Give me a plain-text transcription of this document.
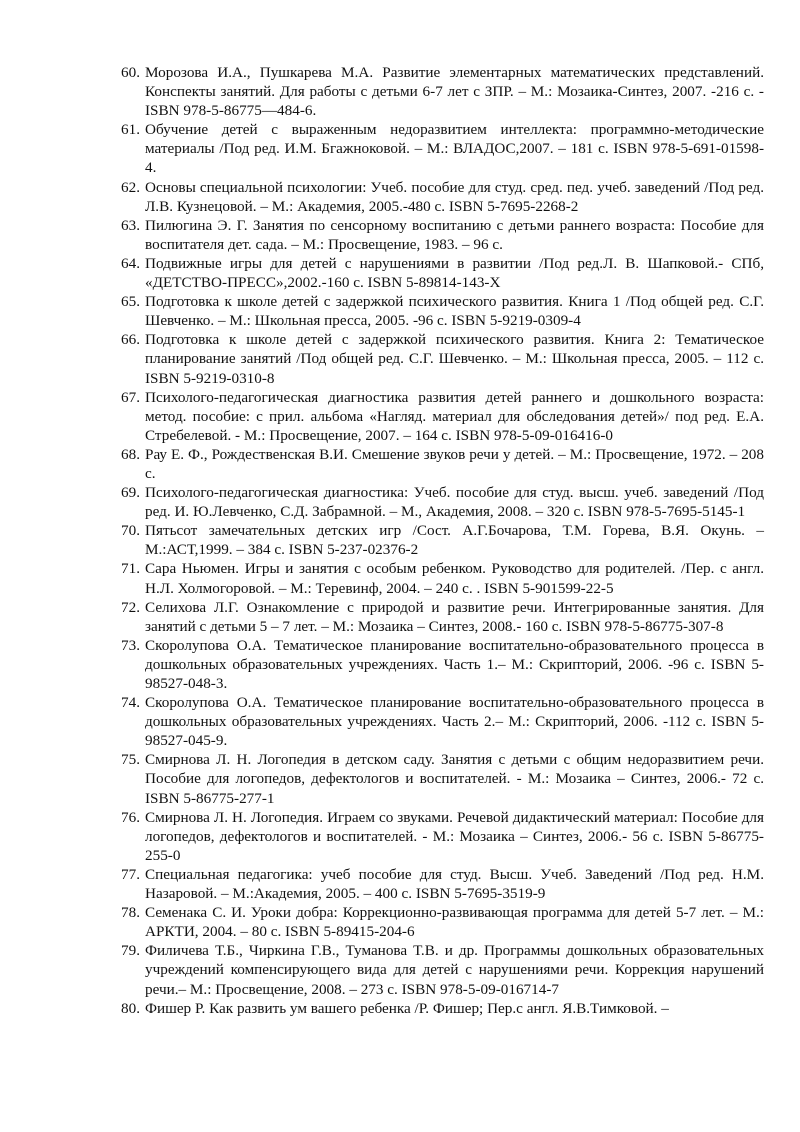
60. Морозова И.А., Пушкарева М.А. Развитие элементарных математических представлений. Конспекты занятий. Для работы с детьми 6-7 лет с ЗПР. – М.: Мозаика-Синтез, 2007. -216 с. - ISBN 978-5-86775—484-6.
61. Обучение детей с выраженным недоразвитием интеллекта: программно-методические материалы /Под ред. И.М. Бгажноковой. – М.: ВЛАДОС,2007. – 181 с. ISBN 978-5-691-01598-4.
62. Основы специальной психологии: Учеб. пособие для студ. сред. пед. учеб. заведений /Под ред. Л.В. Кузнецовой. – М.: Академия, 2005.-480 с. ISBN 5-7695-2268-2
63. Пилюгина Э. Г. Занятия по сенсорному воспитанию с детьми раннего возраста: Пособие для воспитателя дет. сада. – М.: Просвещение, 1983. – 96 с.
64. Подвижные игры для детей с нарушениями в развитии /Под ред.Л. В. Шапковой.- СПб, «ДЕТСТВО-ПРЕСС»,2002.-160 с. ISBN 5-89814-143-X
65. Подготовка к школе детей с задержкой психического развития. Книга 1 /Под общей ред. С.Г. Шевченко. – М.: Школьная пресса, 2005. -96 с. ISBN 5-9219-0309-4
66. Подготовка к школе детей с задержкой психического развития. Книга 2: Тематическое планирование занятий /Под общей ред. С.Г. Шевченко. – М.: Школьная пресса, 2005. – 112 с. ISBN 5-9219-0310-8
67. Психолого-педагогическая диагностика развития детей раннего и дошкольного возраста: метод. пособие: с прил. альбома «Нагляд. материал для обследования детей»/ под ред. Е.А. Стребелевой. - М.: Просвещение, 2007. – 164 с. ISBN 978-5-09-016416-0
68. Рау Е. Ф., Рождественская В.И. Смешение звуков речи у детей. – М.: Просвещение, 1972. – 208 с.
69. Психолого-педагогическая диагностика: Учеб. пособие для студ. высш. учеб. заведений /Под ред. И. Ю.Левченко, С.Д. Забрамной. – М., Академия, 2008. – 320 с. ISBN 978-5-7695-5145-1
70. Пятьсот замечательных детских игр /Сост. А.Г.Бочарова, Т.М. Горева, В.Я. Окунь. – М.:АСТ,1999. – 384 с. ISBN 5-237-02376-2
71. Сара Ньюмен. Игры и занятия с особым ребенком. Руководство для родителей. /Пер. с англ. Н.Л. Холмогоровой. – М.: Теревинф, 2004. – 240 с. . ISBN 5-901599-22-5
72. Селихова Л.Г. Ознакомление с природой и развитие речи. Интегрированные занятия. Для занятий с детьми 5 – 7 лет. – М.: Мозаика – Синтез, 2008.- 160 с. ISBN 978-5-86775-307-8
73. Скоролупова О.А. Тематическое планирование воспитательно-образовательного процесса в дошкольных образовательных учреждениях. Часть 1.– М.: Скрипторий, 2006. -96 с. ISBN 5-98527-048-3.
74. Скоролупова О.А. Тематическое планирование воспитательно-образовательного процесса в дошкольных образовательных учреждениях. Часть 2.– М.: Скрипторий, 2006. -112 с. ISBN 5-98527-045-9.
75. Смирнова Л. Н. Логопедия в детском саду. Занятия с детьми с общим недоразвитием речи. Пособие для логопедов, дефектологов и воспитателей. - М.: Мозаика – Синтез, 2006.- 72 с. ISBN 5-86775-277-1
76. Смирнова Л. Н. Логопедия. Играем со звуками. Речевой дидактический материал: Пособие для логопедов, дефектологов и воспитателей. - М.: Мозаика – Синтез, 2006.- 56 с. ISBN 5-86775-255-0
77. Специальная педагогика: учеб пособие для студ. Высш. Учеб. Заведений /Под ред. Н.М. Назаровой. – М.:Академия, 2005. – 400 с. ISBN 5-7695-3519-9
78. Семенака С. И. Уроки добра: Коррекционно-развивающая программа для детей 5-7 лет. – М.: АРКТИ, 2004. – 80 с. ISBN 5-89415-204-6
79. Филичева Т.Б., Чиркина Г.В., Туманова Т.В. и др. Программы дошкольных образовательных учреждений компенсирующего вида для детей с нарушениями речи. Коррекция нарушений речи.– М.: Просвещение, 2008. – 273 с. ISBN 978-5-09-016714-7
80. Фишер Р. Как развить ум вашего ребенка /Р. Фишер; Пер.с англ. Я.В.Тимковой. –
